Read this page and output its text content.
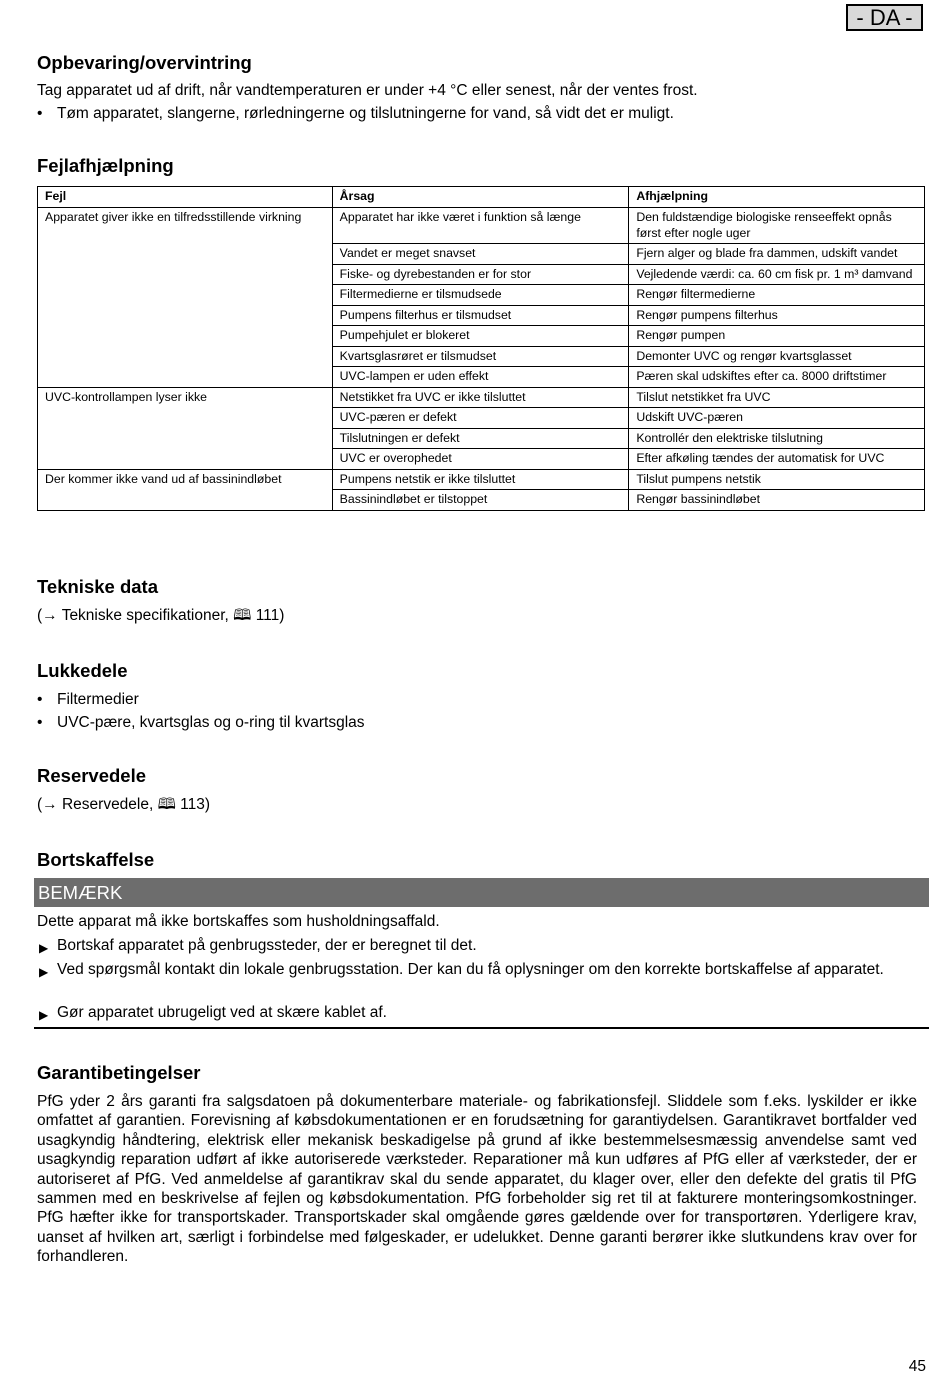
- DA -
Opbevaring/overvintring

Tag apparatet ud af drift, når vandtemperaturen er under +4 °C eller senest, når der ventes frost.

• Tøm apparatet, slangerne, rørledningerne og tilslutningerne for vand, så vidt det er muligt.
Fejlafhjælpning
Fejl	Årsag	Afhjælpning
Apparatet giver ikke en tilfredsstillende virkning	Apparatet har ikke været i funktion så længe	Den fuldstændige biologiske renseeffekt opnås først efter nogle uger
	Vandet er meget snavset	Fjern alger og blade fra dammen, udskift vandet
	Fiske- og dyrebestanden er for stor	Vejledende værdi: ca. 60 cm fisk pr. 1 m³ damvand
	Filtermedierne er tilsmudsede	Rengør filtermedierne
	Pumpens filterhus er tilsmudset	Rengør pumpens filterhus
	Pumpehjulet er blokeret	Rengør pumpen
	Kvartsglasrøret er tilsmudset	Demonter UVC og rengør kvartsglasset
	UVC-lampen er uden effekt	Pæren skal udskiftes efter ca. 8000 driftstimer
UVC-kontrollampen lyser ikke	Netstikket fra UVC er ikke tilsluttet	Tilslut netstikket fra UVC
	UVC-pæren er defekt	Udskift UVC-pæren
	Tilslutningen er defekt	Kontrollér den elektriske tilslutning
	UVC er overophedet	Efter afkøling tændes der automatisk for UVC
Der kommer ikke vand ud af bassinindløbet	Pumpens netstik er ikke tilsluttet	Tilslut pumpens netstik
	Bassinindløbet er tilstoppet	Rengør bassinindløbet
Tekniske data

(→ Tekniske specifikationer, 🕮 111)

Lukkedele
• Filtermedier
• UVC-pære, kvartsglas og o-ring til kvartsglas
Reservedele

(→ Reservedele, 🕮 113)

Bortskaffelse
BEMÆRK

Dette apparat må ikke bortskaffes som husholdningsaffald.

▶ Bortskaf apparatet på genbrugssteder, der er beregnet til det.
▶ Ved spørgsmål kontakt din lokale genbrugsstation. Der kan du få oplysninger om den korrekte bortskaffelse af apparatet.
▶ Gør apparatet ubrugeligt ved at skære kablet af.
Garantibetingelser

PfG yder 2 års garanti fra salgsdatoen på dokumenterbare materiale- og fabrikationsfejl. Sliddele som f.eks. lyskilder er ikke omfattet af garantien. Forevisning af købsdokumentationen er en forudsætning for garantiydelsen. Garantikravet bortfalder ved usagkyndig håndtering, elektrisk eller mekanisk beskadigelse på grund af ikke bestemmelsesmæssig anvendelse samt ved usagkyndig reparation udført af ikke autoriserede værksteder. Reparationer må kun udføres af PfG eller af værksteder, der er autoriseret af PfG. Ved anmeldelse af garantikrav skal du sende apparatet, du klager over, eller den defekte del gratis til PfG sammen med en beskrivelse af fejlen og købsdokumentation. PfG forbeholder sig ret til at fakturere monteringsomkostninger. PfG hæfter ikke for transportskader. Transportskader skal omgående gøres gældende over for transportøren. Yderligere krav, uanset af hvilken art, særligt i forbindelse med følgeskader, er udelukket. Denne garanti berører ikke slutkundens krav over for forhandleren.

45
